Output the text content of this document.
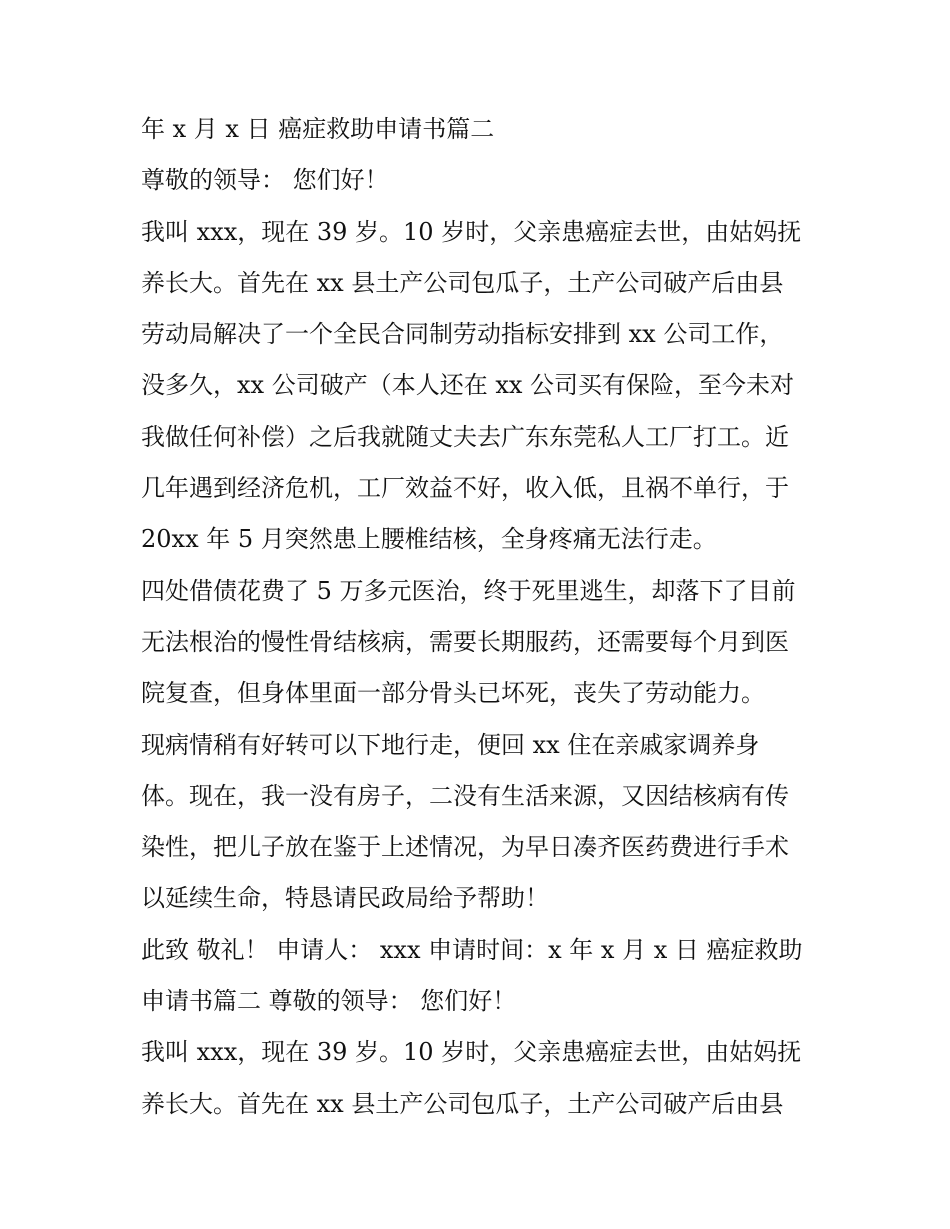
年 x 月 x 日 癌症救助申请书篇二

尊敬的领导： 您们好！

我叫 xxx，现在 39 岁。10 岁时，父亲患癌症去世，由姑妈抚

养长大。首先在 xx 县土产公司包瓜子，土产公司破产后由县

劳动局解决了一个全民合同制劳动指标安排到 xx 公司工作，

没多久，xx 公司破产（本人还在 xx 公司买有保险，至今未对

我做任何补偿）之后我就随丈夫去广东东莞私人工厂打工。近

几年遇到经济危机，工厂效益不好，收入低，且祸不单行，于

20xx 年 5 月突然患上腰椎结核，全身疼痛无法行走。

四处借债花费了 5 万多元医治，终于死里逃生，却落下了目前

无法根治的慢性骨结核病，需要长期服药，还需要每个月到医

院复查，但身体里面一部分骨头已坏死，丧失了劳动能力。

现病情稍有好转可以下地行走，便回 xx 住在亲戚家调养身

体。现在，我一没有房子，二没有生活来源，又因结核病有传

染性，把儿子放在鉴于上述情况，为早日凑齐医药费进行手术

以延续生命，特恳请民政局给予帮助！

此致 敬礼！ 申请人： xxx 申请时间：x 年 x 月 x 日 癌症救助

申请书篇二 尊敬的领导： 您们好！

我叫 xxx，现在 39 岁。10 岁时，父亲患癌症去世，由姑妈抚

养长大。首先在 xx 县土产公司包瓜子，土产公司破产后由县
